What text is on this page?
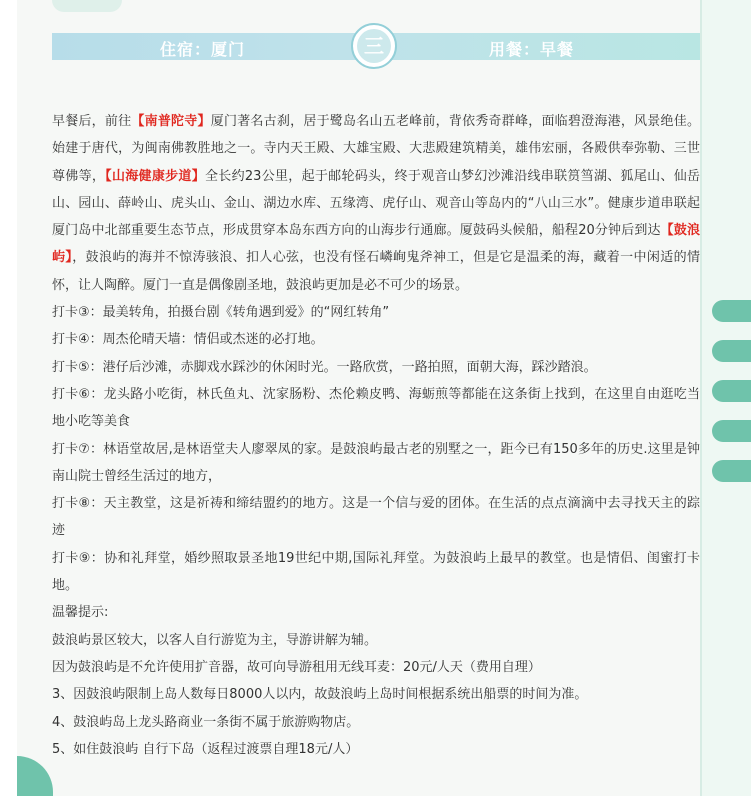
住宿：厦门	用餐：早餐
三

早餐后，前往【南普陀寺】厦门著名古刹，居于鹭岛名山五老峰前，背依秀奇群峰，面临碧澄海港，风景绝佳。始建于唐代，为闽南佛教胜地之一。寺内天王殿、大雄宝殿、大悲殿建筑精美，雄伟宏丽，各殿供奉弥勒、三世尊佛等，【山海健康步道】全长约23公里，起于邮轮码头，终于观音山梦幻沙滩沿线串联筼筜湖、狐尾山、仙岳山、园山、薛岭山、虎头山、金山、湖边水库、五缘湾、虎仔山、观音山等岛内的“八山三水”。健康步道串联起厦门岛中北部重要生态节点，形成贯穿本岛东西方向的山海步行通廊。厦鼓码头候船，船程20分钟后到达【鼓浪屿】，鼓浪屿的海并不惊涛骇浪、扣人心弦，也没有怪石嶙峋鬼斧神工，但是它是温柔的海，藏着一中闲适的情怀，让人陶醉。厦门一直是偶像剧圣地，鼓浪屿更加是必不可少的场景。

打卡③：最美转角，拍摄台剧《转角遇到爱》的“网红转角”

打卡④：周杰伦晴天墙：情侣或杰迷的必打地。

打卡⑤：港仔后沙滩，赤脚戏水踩沙的休闲时光。一路欣赏，一路拍照，面朝大海，踩沙踏浪。

打卡⑥：龙头路小吃街，林氏鱼丸、沈家肠粉、杰伦赖皮鸭、海蛎煎等都能在这条街上找到，在这里自由逛吃当地小吃等美食

打卡⑦：林语堂故居,是林语堂夫人廖翠凤的家。是鼓浪屿最古老的别墅之一，距今已有150多年的历史.这里是钟南山院士曾经生活过的地方，

打卡⑧：天主教堂，这是祈祷和缔结盟约的地方。这是一个信与爱的团体。在生活的点点滴滴中去寻找天主的踪迹

打卡⑨：协和礼拜堂，婚纱照取景圣地19世纪中期,国际礼拜堂。为鼓浪屿上最早的教堂。也是情侣、闺蜜打卡地。

温馨提示:

鼓浪屿景区较大，以客人自行游览为主，导游讲解为辅。

因为鼓浪屿是不允许使用扩音器，故可向导游租用无线耳麦：20元/人天（费用自理）

3、因鼓浪屿限制上岛人数每日8000人以内，故鼓浪屿上岛时间根据系统出船票的时间为准。

4、鼓浪屿岛上龙头路商业一条街不属于旅游购物店。

5、如住鼓浪屿 自行下岛（返程过渡票自理18元/人）
